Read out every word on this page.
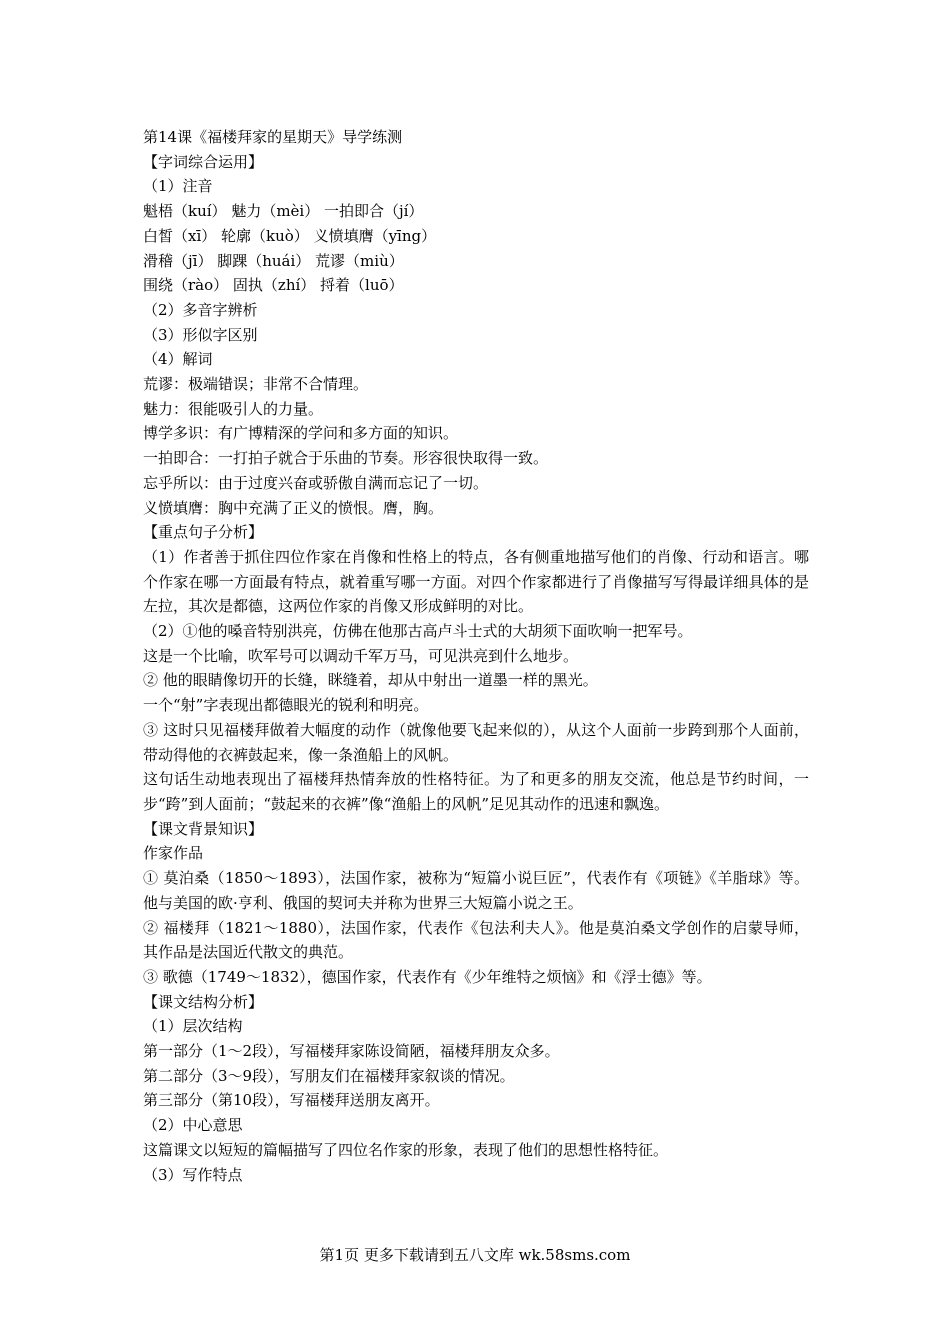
第14课《福楼拜家的星期天》导学练测

【字词综合运用】

（1）注音

魁梧（kuí） 魅力（mèi） 一拍即合（jí）

白皙（xī） 轮廓（kuò） 义愤填膺（yīng）

滑稽（jī） 脚踝（huái） 荒谬（miù）

围绕（rào） 固执（zhí） 捋着（luō）

（2）多音字辨析

（3）形似字区别

（4）解词

荒谬：极端错误；非常不合情理。

魅力：很能吸引人的力量。

博学多识：有广博精深的学问和多方面的知识。

一拍即合：一打拍子就合于乐曲的节奏。形容很快取得一致。

忘乎所以：由于过度兴奋或骄傲自满而忘记了一切。

义愤填膺：胸中充满了正义的愤恨。膺，胸。

【重点句子分析】

（1）作者善于抓住四位作家在肖像和性格上的特点，各有侧重地描写他们的肖像、行动和语言。哪个作家在哪一方面最有特点，就着重写哪一方面。对四个作家都进行了肖像描写写得最详细具体的是左拉，其次是都德，这两位作家的肖像又形成鲜明的对比。

（2）①他的嗓音特别洪亮，仿佛在他那古高卢斗士式的大胡须下面吹响一把军号。

这是一个比喻，吹军号可以调动千军万马，可见洪亮到什么地步。

② 他的眼睛像切开的长缝，眯缝着，却从中射出一道墨一样的黑光。

一个“射”字表现出都德眼光的锐利和明亮。

③ 这时只见福楼拜做着大幅度的动作（就像他要飞起来似的），从这个人面前一步跨到那个人面前，带动得他的衣裤鼓起来，像一条渔船上的风帆。

这句话生动地表现出了福楼拜热情奔放的性格特征。为了和更多的朋友交流，他总是节约时间，一步“跨”到人面前；“鼓起来的衣裤”像“渔船上的风帆”足见其动作的迅速和飘逸。

【课文背景知识】

作家作品

① 莫泊桑（1850～1893），法国作家，被称为“短篇小说巨匠”，代表作有《项链》《羊脂球》等。他与美国的欧·亨利、俄国的契诃夫并称为世界三大短篇小说之王。

② 福楼拜（1821～1880），法国作家，代表作《包法利夫人》。他是莫泊桑文学创作的启蒙导师，其作品是法国近代散文的典范。

③ 歌德（1749～1832），德国作家，代表作有《少年维特之烦恼》和《浮士德》等。

【课文结构分析】

（1）层次结构

第一部分（1～2段），写福楼拜家陈设简陋，福楼拜朋友众多。

第二部分（3～9段），写朋友们在福楼拜家叙谈的情况。

第三部分（第10段），写福楼拜送朋友离开。

（2）中心意思

这篇课文以短短的篇幅描写了四位名作家的形象，表现了他们的思想性格特征。

（3）写作特点

第1页 更多下载请到五八文库 wk.58sms.com
